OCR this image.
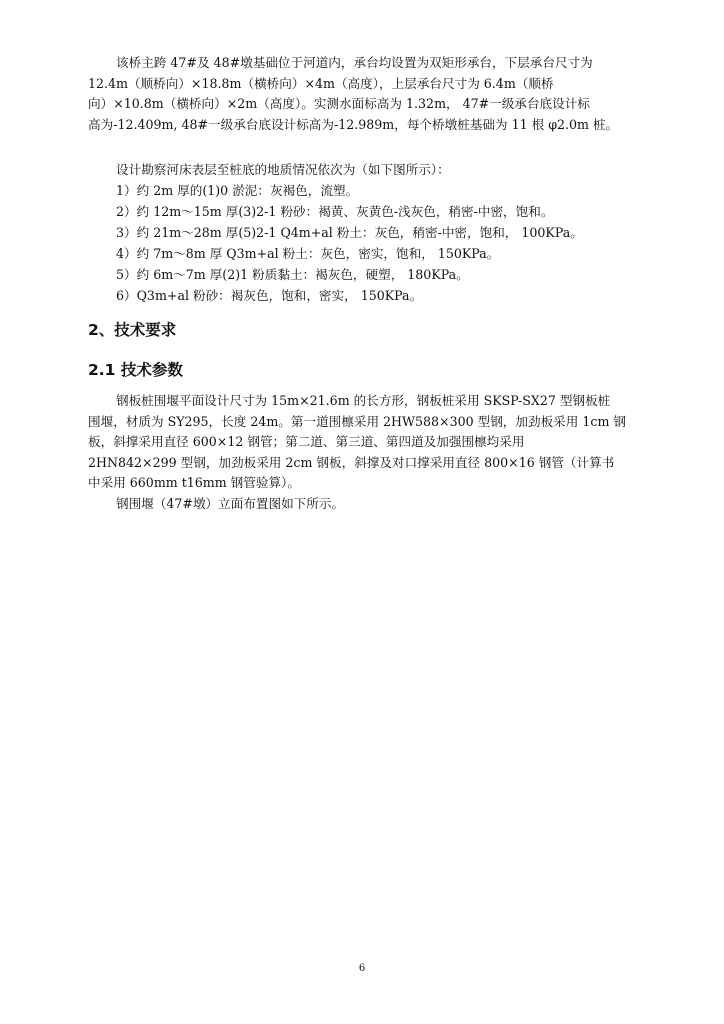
该桥主跨 47#及 48#墩基础位于河道内，承台均设置为双矩形承台，下层承台尺寸为
12.4m（顺桥向）×18.8m（横桥向）×4m（高度），上层承台尺寸为 6.4m（顺桥
向）×10.8m（横桥向）×2m（高度）。实测水面标高为 1.32m， 47#一级承台底设计标
高为-12.409m, 48#一级承台底设计标高为-12.989m，每个桥墩桩基础为 11 根 φ2.0m 桩。

设计勘察河床表层至桩底的地质情况依次为（如下图所示）：
1）约 2m 厚的(1)0 淤泥：灰褐色，流塑。
2）约 12m～15m 厚(3)2-1 粉砂：褐黄、灰黄色-浅灰色，稍密-中密，饱和。
3）约 21m～28m 厚(5)2-1 Q4m+al 粉土：灰色，稍密-中密，饱和， 100KPa。
4）约 7m～8m 厚 Q3m+al 粉土：灰色，密实，饱和， 150KPa。
5）约 6m～7m 厚(2)1 粉质黏土：褐灰色，硬塑， 180KPa。
6）Q3m+al 粉砂：褐灰色，饱和，密实， 150KPa。
2、技术要求
2.1 技术参数

钢板桩围堰平面设计尺寸为 15m×21.6m 的长方形，钢板桩采用 SKSP-SX27 型钢板桩
围堰，材质为 SY295，长度 24m。第一道围檩采用 2HW588×300 型钢，加劲板采用 1cm 钢
板，斜撑采用直径 600×12 钢管；第二道、第三道、第四道及加强围檩均采用
2HN842×299 型钢，加劲板采用 2cm 钢板，斜撑及对口撑采用直径 800×16 钢管（计算书
中采用 660mm t16mm 钢管验算）。
钢围堰（47#墩）立面布置图如下所示。

6
